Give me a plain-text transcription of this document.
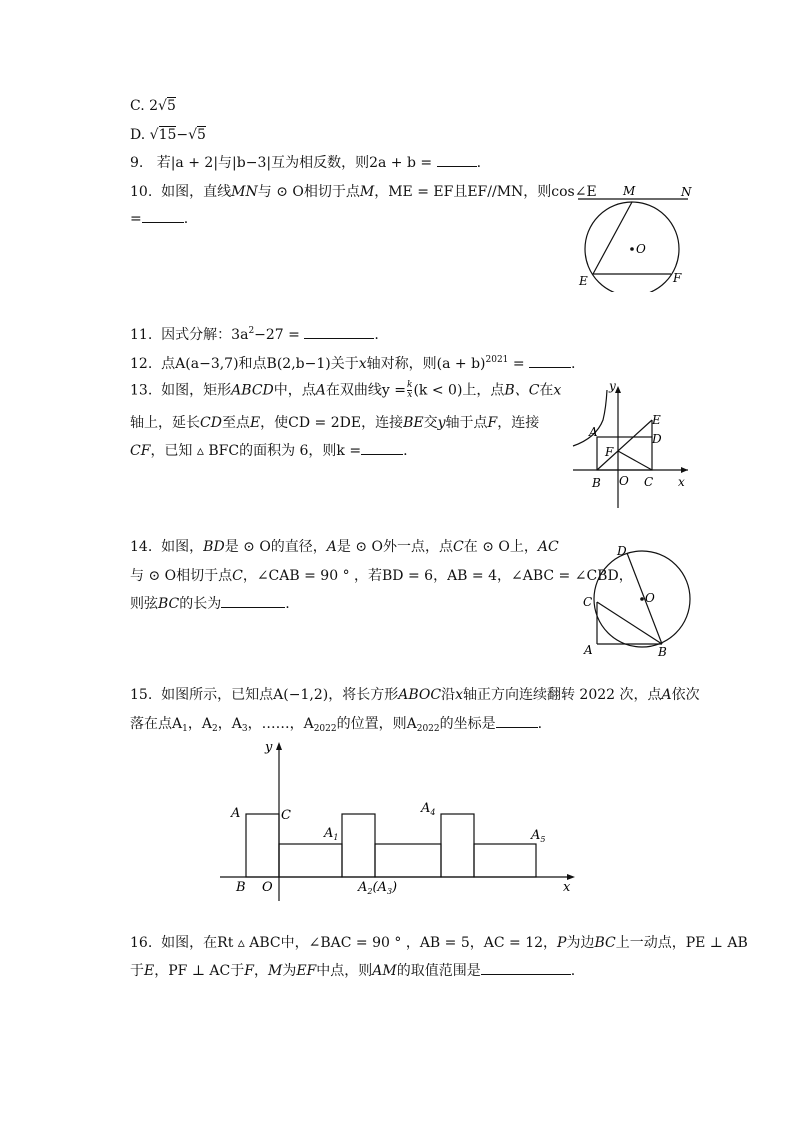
C. 2√5
D. √15−√5
9. 若|a + 2|与|b−3|互为相反数，则2a + b =	.
10. 如图，直线MN与 ⊙ O相切于点M，ME = EF且EF//MN，则cos∠E
=	.
M	N
O
E	F
11. 因式分解：$3a^2-27$ =	.
12. 点A(a−3,7)和点B(2,b−1)关于x轴对称，则$(a + b)^{2021}$ =	.
13. 如图，矩形ABCD中，点A在双曲线$y = \frac{k}{x} (k < 0)$上，点B、C在x
轴上，延长CD至点E，使CD = 2DE，连接BE交y轴于点F，连接
CF，已知 ▵ BFC的面积为 6，则k =	.
y
x
A
E
D
F
B O C
14. 如图，BD是 ⊙ O的直径，A是 ⊙ O外一点，点C在 ⊙ O上，AC
与 ⊙ O相切于点C，∠CAB = 90 ° ，若BD = 6，AB = 4，∠ABC = ∠CBD，
则弦BC的长为	.
D
O
C
A	B
15. 如图所示，已知点A(−1,2)，将长方形ABOC沿x轴正方向连续翻转 2022 次，点A依次
落在点$A_1$，$A_2$，$A_3$，……，$A_{2022}$的位置，则$A_{2022}$的坐标是	.
y
x
A	C
B O
$A_1$
$A_4$
$A_5$
$A_2(A_3)$
16. 如图，在Rt ▵ ABC中，∠BAC = 90 ° ，AB = 5，AC = 12，P为边BC上一动点，PE ⊥ AB
于E，PF ⊥ AC于F，M为EF中点，则AM的取值范围是	.
